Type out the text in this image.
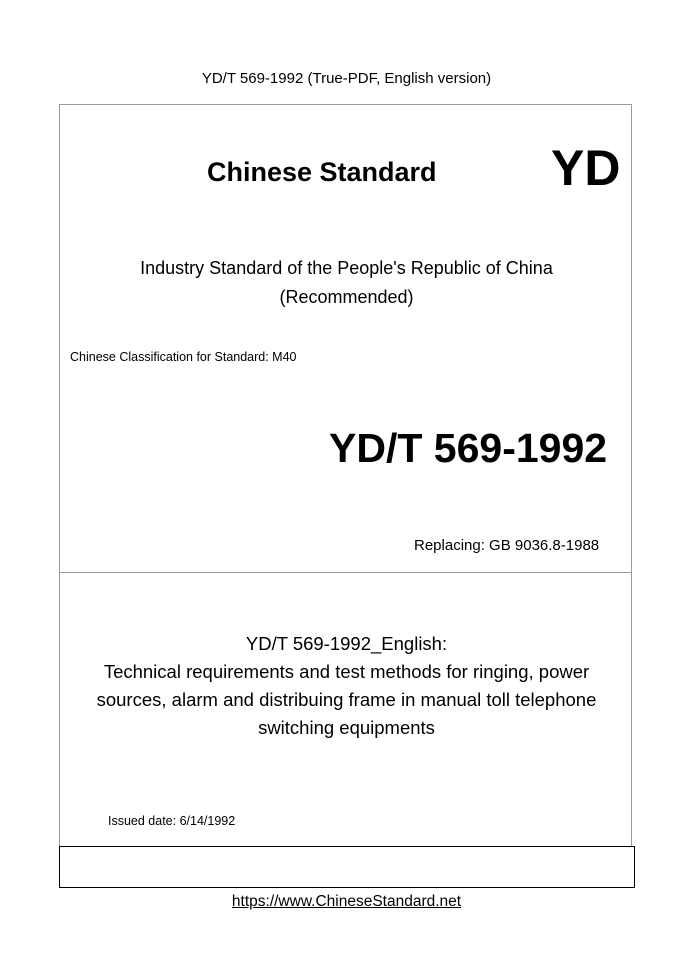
YD/T 569-1992 (True-PDF, English version)
Chinese Standard YD
Industry Standard of the People's Republic of China
(Recommended)
Chinese Classification for Standard: M40
YD/T 569-1992
Replacing: GB 9036.8-1988
YD/T 569-1992_English:
Technical requirements and test methods for ringing, power
sources, alarm and distribuing frame in manual toll telephone
switching equipments
Issued date: 6/14/1992
https://www.ChineseStandard.net
